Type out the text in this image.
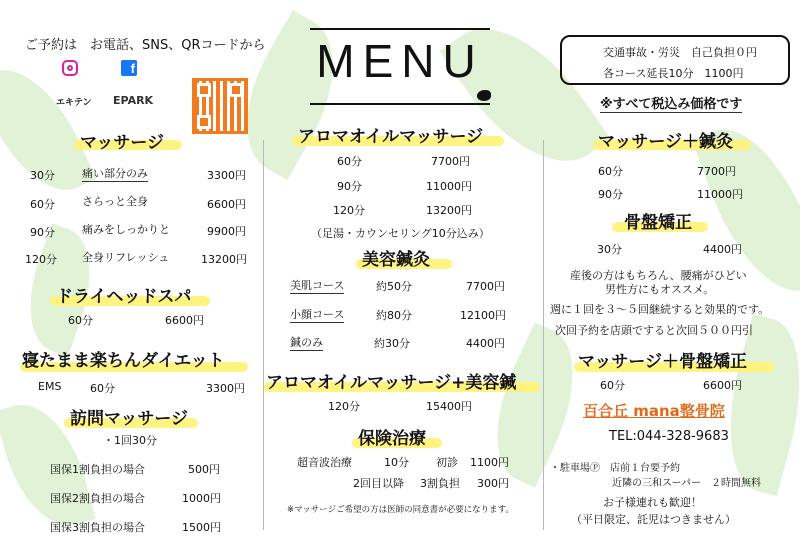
ご予約は　お電話、SNS、QRコードから
f
エキテン EPARK
MENU	交通事故・労災　自己負担０円
各コース延長10分　1100円
※すべて税込み価格です
マッサージ
30分 痛い部分のみ	3300円
60分 さらっと全身	6600円
90分 痛みをしっかりと	9900円
120分 全身リフレッシュ	13200円
ドライヘッドスパ
60分	6600円
寝たまま楽ちんダイエット
EMS	60分	3300円
訪問マッサージ
・1回30分
国保1割負担の場合	500円
国保2割負担の場合	1000円
国保3割負担の場合	1500円
アロマオイルマッサージ
60分	7700円
90分	11000円
120分	13200円
（足湯・カウンセリング10分込み）
美容鍼灸
美肌コース	約50分	7700円
小顔コース	約80分	12100円
鍼のみ	約30分	4400円
アロマオイルマッサージ+美容鍼
120分	15400円
保険治療
超音波治療	10分 初診 1100円
2回目以降 3割負担 300円
※マッサージご希望の方は医師の同意書が必要になります。
マッサージ＋鍼灸
60分	7700円
90分	11000円
骨盤矯正
30分	4400円
産後の方はもちろん、腰痛がひどい
男性方にもオススメ。
週に１回を３～５回継続すると効果的です。
次回予約を店頭ですると次回５００円引
マッサージ＋骨盤矯正
60分	6600円
百合丘 mana整骨院
TEL:044-328-9683
・駐車場Ⓟ　店前１台要予約
近隣の三和スーパー　２時間無料
お子様連れも歓迎！
（平日限定、託児はつきません）
